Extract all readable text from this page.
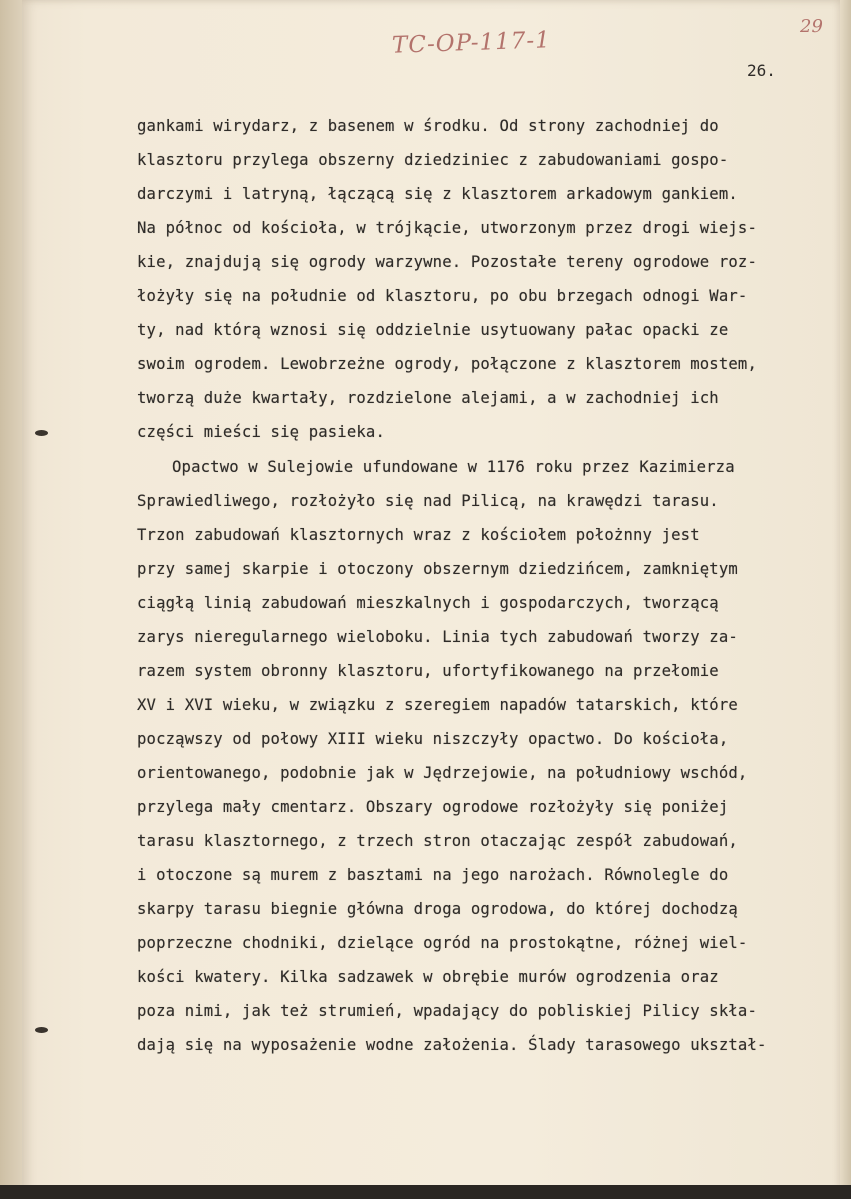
TC-OP-117-1
29
26.
gankami wirydarz, z basenem w środku. Od strony zachodniej do
klasztoru przylega obszerny dziedziniec z zabudowaniami gospo-
darczymi i latryną, łączącą się z klasztorem arkadowym gankiem.
Na północ od kościoła, w trójkącie, utworzonym przez drogi wiejs-
kie, znajdują się ogrody warzywne. Pozostałe tereny ogrodowe roz-
łożyły się na południe od klasztoru, po obu brzegach odnogi War-
ty, nad którą wznosi się oddzielnie usytuowany pałac opacki ze
swoim ogrodem. Lewobrzeżne ogrody, połączone z klasztorem mostem,
tworzą duże kwartały, rozdzielone alejami, a w zachodniej ich
części mieści się pasieka.
Opactwo w Sulejowie ufundowane w 1176 roku przez Kazimierza
Sprawiedliwego, rozłożyło się nad Pilicą, na krawędzi tarasu.
Trzon zabudowań klasztornych wraz z kościołem położnny jest
przy samej skarpie i otoczony obszernym dziedzińcem, zamkniętym
ciągłą linią zabudowań mieszkalnych i gospodarczych, tworzącą
zarys nieregularnego wieloboku. Linia tych zabudowań tworzy za-
razem system obronny klasztoru, ufortyfikowanego na przełomie
XV i XVI wieku, w związku z szeregiem napadów tatarskich, które
począwszy od połowy XIII wieku niszczyły opactwo. Do kościoła,
orientowanego, podobnie jak w Jędrzejowie, na południowy wschód,
przylega mały cmentarz. Obszary ogrodowe rozłożyły się poniżej
tarasu klasztornego, z trzech stron otaczając zespół zabudowań,
i otoczone są murem z basztami na jego narożach. Równolegle do
skarpy tarasu biegnie główna droga ogrodowa, do której dochodzą
poprzeczne chodniki, dzielące ogród na prostokątne, różnej wiel-
kości kwatery. Kilka sadzawek w obrębie murów ogrodzenia oraz
poza nimi, jak też strumień, wpadający do pobliskiej Pilicy skła-
dają się na wyposażenie wodne założenia. Ślady tarasowego ukształ-
